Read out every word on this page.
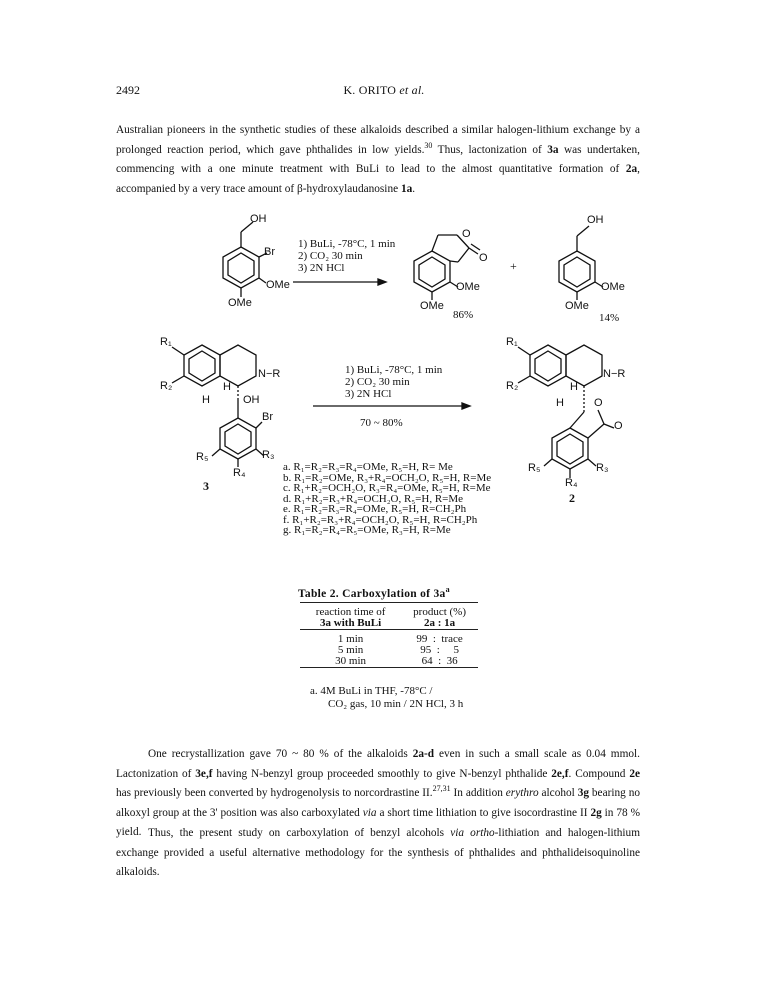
2492	K. ORITO et al.
Australian pioneers in the synthetic studies of these alkaloids described a similar halogen-lithium exchange by a prolonged reaction period, which gave phthalides in low yields.$^{30}$ Thus, lactonization of 3a was undertaken, commencing with a one minute treatment with BuLi to lead to the almost quantitative formation of 2a, accompanied by a very trace amount of β-hydroxylaudanosine 1a.
OH
Br
OMe
OMe
1) BuLi, -78°C, 1 min
2) CO₂ 30 min
3) 2N HCl
O
O
OMe
OMe
86%
+
OH
OMe
OMe
14%
R₁
R₂
N−R
H
H	OH
Br
R₃
R₄
R₅
3
1) BuLi, -78°C, 1 min
2) CO₂ 30 min
3) 2N HCl
70 ~ 80%
R₁
R₂
N−R
H
H	O
O
R₃
R₄
R₅
2
a. R₁=R₂=R₃=R₄=OMe, R₅=H, R= Me
b. R₁=R₂=OMe, R₃+R₄=OCH₂O, R₅=H, R=Me
c. R₁+R₂=OCH₂O, R₃=R₄=OMe, R₅=H, R=Me
d. R₁+R₂=R₃+R₄=OCH₂O, R₅=H, R=Me
e. R₁=R₂=R₃=R₄=OMe, R₅=H, R=CH₂Ph
f. R₁+R₂=R₃+R₄=OCH₂O, R₅=H, R=CH₂Ph
g. R₁=R₂=R₄=R₅=OMe, R₃=H, R=Me
Table 2. Carboxylation of $3a^a$

reaction time of	product (%)
3a with BuLi	2a : 1a

1 min	99  :  trace
5 min	95  :     5
30 min	64  :  36

a. 4M BuLi in THF, -78°C /
CO₂ gas, 10 min / 2N HCl, 3 h
One recrystallization gave 70 ~ 80 % of the alkaloids 2a-d even in such a small scale as 0.04 mmol. Lactonization of 3e,f having N-benzyl group proceeded smoothly to give N-benzyl phthalide 2e,f. Compound 2e has previously been converted by hydrogenolysis to norcordrastine II.$^{27,31}$ In addition erythro alcohol 3g bearing no alkoxyl group at the 3' position was also carboxylated via a short time lithiation to give isocordrastine II 2g in 78 % yield. Thus, the present study on carboxylation of benzyl alcohols via ortho-lithiation and halogen-lithium exchange provided a useful alternative methodology for the synthesis of phthalides and phthalideisoquinoline alkaloids.
